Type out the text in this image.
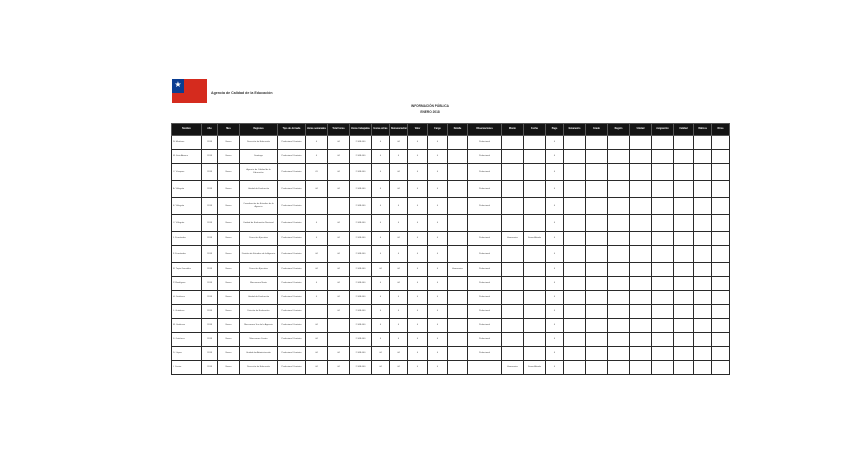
★
Agencia de Calidad de la Educación
INFORMACIÓN PÚBLICA
ENERO 2018
Nombre	Año	Mes	Regiones	Tipo de Jornada	Horas semanales	Total horas	Horas trabajadas	Horas extras	Remuneración	Valor	Cargo	Detalle	Observaciones	Monto	Fecha	Pago	Estamento	Grado	Región	Unidad	Asignación	Calidad	Viáticos	Otros
N. Martínez	2018	Enero	Dirección de Educación	Profesional Contrata	4	44	2.348.000	0	44	0	0		Profesional			0								
M. Soto Abarca	2018	Enero	Santiago	Profesional Contrata	4	44	2.348.000	0	0	0	0		Profesional			0								
C. Vásquez	2018	Enero	Agencia de Calidad de la Educación	Profesional Contrata	41	44	2.348.000	0	44	0	0		Profesional			0								
A. Villagrán	2018	Enero	Unidad de Evaluación	Profesional Contrata	44	44	2.348.000	0	44	0	0		Profesional			0								
E. Villagrán	2018	Enero	Coordinación de Estudios de la Agencia	Profesional Contrata			2.348.000	0	0	0	0		Profesional			0								
C. Villagrán	2018	Enero	Unidad de Evaluación Nacional	Profesional Contrata	4	44	2.348.000	0	0	0	0					0								
J. Fernández	2018	Enero	Dirección Ejecutiva	Profesional Contrata	4	44	2.348.000	0	44	0	0		Profesional	Honorarios	Suma Alzada	0								
F. Fernández	2018	Enero	División de Estudios de la Agencia	Profesional Contrata	44	44	2.348.000	0	0	0	0		Profesional			0								
R. Tapia González	2018	Enero	Dirección Ejecutiva	Profesional Contrata	44	44	2.348.000	44	44	0	0	Honorarios	Profesional			0								
P. Rodríguez	2018	Enero	Macrozona Norte	Profesional Contrata	4	44	2.348.000	0	44	0	0		Profesional			0								
H. Gutiérrez	2018	Enero	Unidad de Evaluación	Profesional Contrata	4	44	2.348.000	0	0	0	0		Profesional			0								
L. Gutiérrez	2018	Enero	División de Evaluación	Profesional Contrata		44	2.348.000	0	0	0	0		Profesional			0								
M. Gutiérrez	2018	Enero	Macrozona Sur de la Agencia	Profesional Contrata	44		2.348.000	0	0	0	0		Profesional			0								
S. Gutiérrez	2018	Enero	Macrozona Centro	Profesional Contrata	44		2.348.000	0	0	0	0		Profesional			0								
D. López	2018	Enero	Unidad de Administración	Profesional Contrata	44	44	2.348.000	44	44	0	0		Profesional			0								
I. Castro	2018	Enero	Dirección de Educación	Profesional Contrata	44	44	2.348.000	44	44	0	0			Honorarios	Suma Alzada	0								
